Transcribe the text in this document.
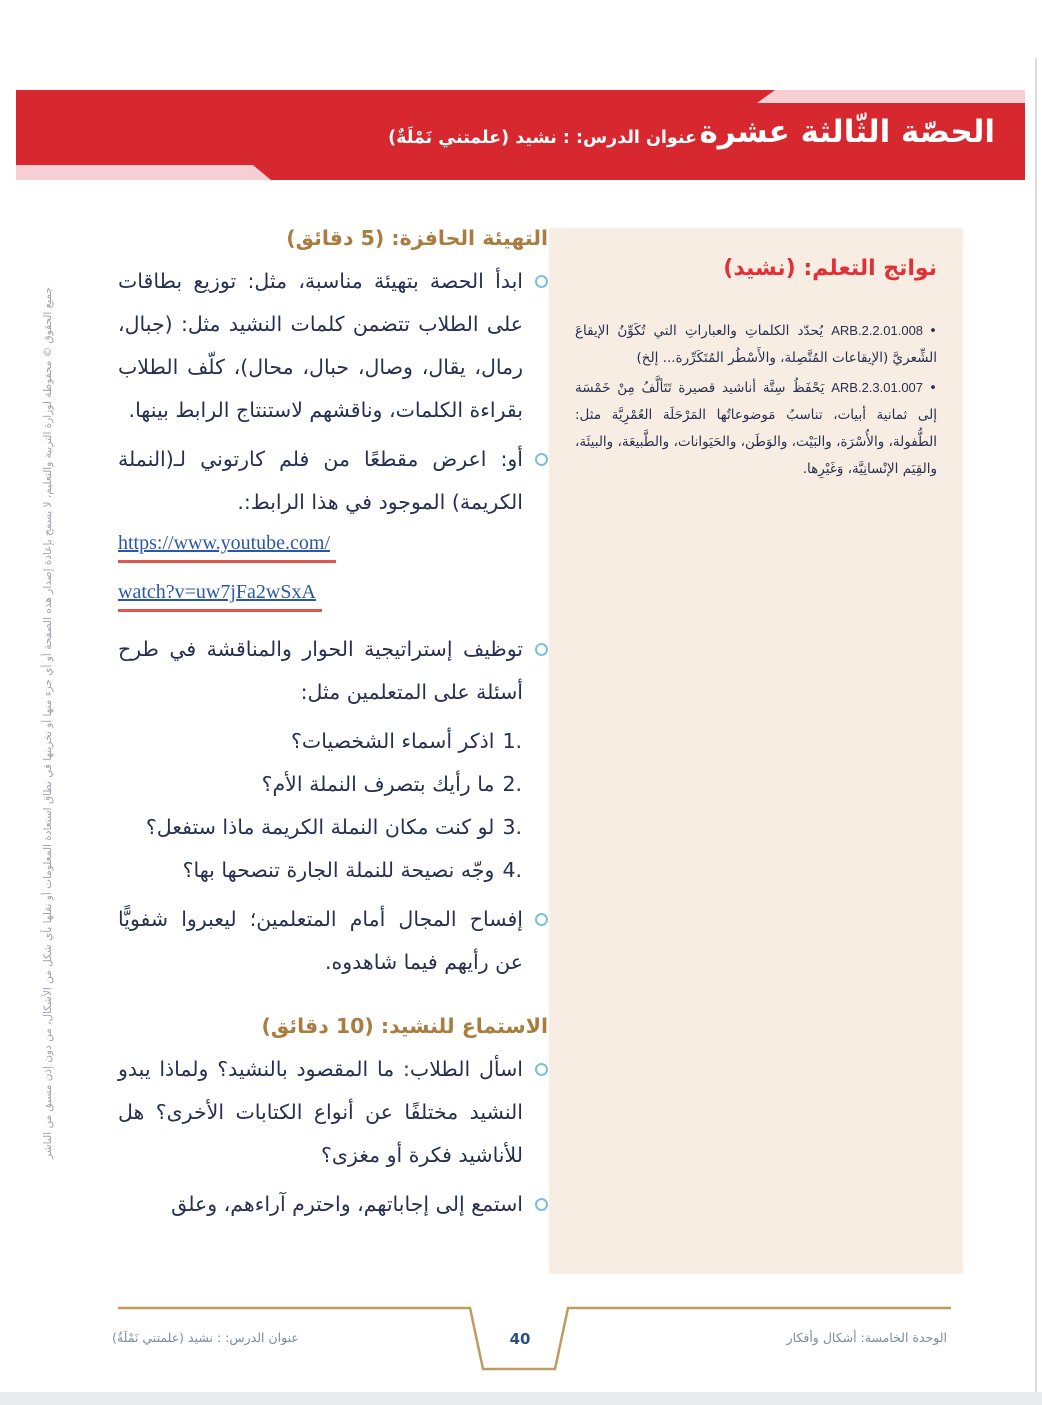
الحصّة الثّالثة عشرة
عنوان الدرس: : نشيد (علمتني نَمْلَةٌ)
جميع الحقوق © محفوظة لوزارة التربية والتعليم، لا يسمح بإعادة إصدار هذه الصفحة أو أي جزء منها أو تخزينها في نطاق استعادة المعلومات أو نقلها بأي شكل من الأشكال، من دون إذن مسبق من الناشر
التهيئة الحافزة: (5 دقائق)

ابدأ الحصة بتهيئة مناسبة، مثل: توزيع بطاقات على الطلاب تتضمن كلمات النشيد مثل: (جبال، رمال، يقال، وصال، حبال، محال)، كلّف الطلاب بقراءة الكلمات، وناقشهم لاستنتاج الرابط بينها.

أو: اعرض مقطعًا من فلم كارتوني لـ(النملة الكريمة) الموجود في هذا الرابط:.

https://www.youtube.com/
watch?v=uw7jFa2wSxA

توظيف إستراتيجية الحوار والمناقشة في طرح أسئلة على المتعلمين مثل:

1.اذكر أسماء الشخصيات؟
2.ما رأيك بتصرف النملة الأم؟
3.لو كنت مكان النملة الكريمة ماذا ستفعل؟
4.وجّه نصيحة للنملة الجارة تنصحها بها؟

إفساح المجال أمام المتعلمين؛ ليعبروا شفويًّا عن رأيهم فيما شاهدوه.

الاستماع للنشيد: (10 دقائق)

اسأل الطلاب: ما المقصود بالنشيد؟ ولماذا يبدو النشيد مختلفًا عن أنواع الكتابات الأخرى؟ هل للأناشيد فكرة أو مغزى؟

استمع إلى إجاباتهم، واحترم آراءهم، وعلق

نواتج التعلم: (نشيد)

• ARB.2.2.01.008 يُحدّد الكلماتِ والعباراتِ التي تُكَوِّنُ الإيقاعَ الشِّعريَّ (الإيقاعات المُتَّصِلة، والأَسْطُر المُتَكَرِّرة... إلخ)

• ARB.2.3.01.007 يَحْفَظُ سِتَّة أناشيد قصيرة تَتَألَّفُ مِنْ خَمْسَة إلى ثمانية أبيات، تناسبُ مَوضوعاتُها المَرْحَلَة العُمْرِيَّة مثل: الطُّفولة، والأُسْرَة، والبَيْت، والوَطَن، والحَيَوانات، والطَّبيعَة، والبيئَة، والقِيَم الإنْسانِيَّة، وَغَيْرِها.

40
عنوان الدرس: : نشيد (علمتني نَمْلَةٌ)	الوحدة الخامسة: أشكال وأفكار
